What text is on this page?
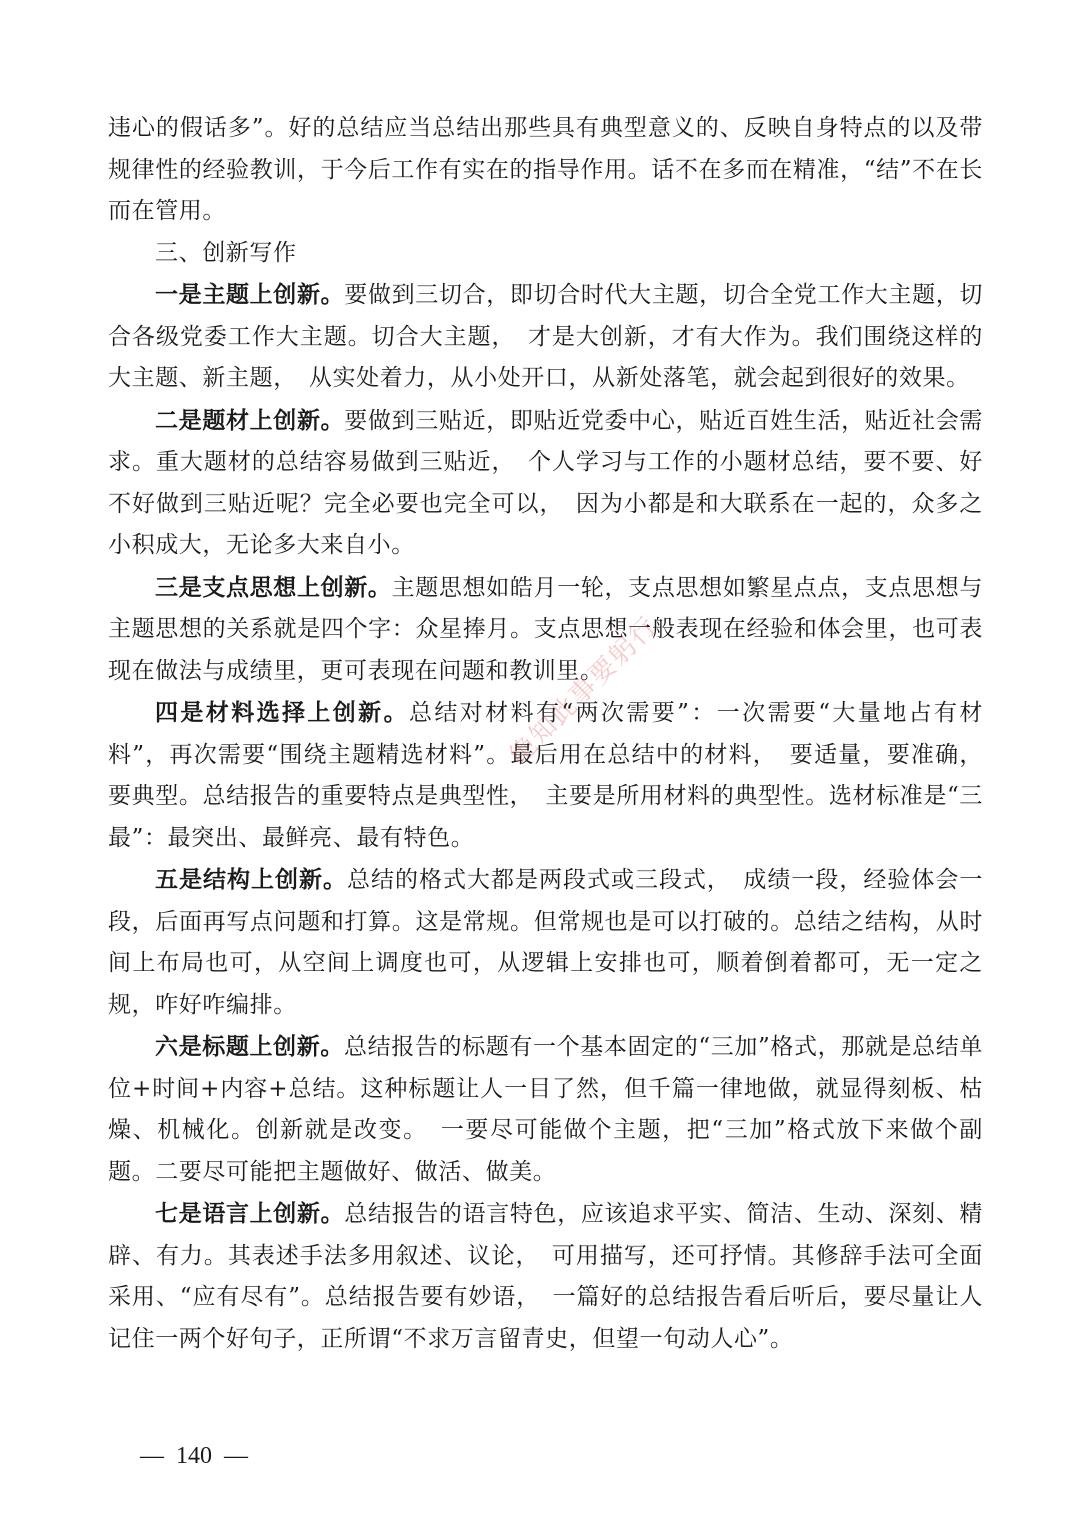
违心的假话多”。好的总结应当总结出那些具有典型意义的、反映自身特点的以及带规律性的经验教训，于今后工作有实在的指导作用。话不在多而在精准，“结”不在长而在管用。

三、创新写作

一是主题上创新。要做到三切合，即切合时代大主题，切合全党工作大主题，切合各级党委工作大主题。切合大主题，　才是大创新，才有大作为。我们围绕这样的大主题、新主题，　从实处着力，从小处开口，从新处落笔，就会起到很好的效果。

二是题材上创新。要做到三贴近，即贴近党委中心，贴近百姓生活，贴近社会需求。重大题材的总结容易做到三贴近，　个人学习与工作的小题材总结，要不要、好不好做到三贴近呢？完全必要也完全可以，　因为小都是和大联系在一起的，众多之小积成大，无论多大来自小。

三是支点思想上创新。主题思想如皓月一轮，支点思想如繁星点点，支点思想与主题思想的关系就是四个字：众星捧月。支点思想一般表现在经验和体会里，也可表现在做法与成绩里，更可表现在问题和教训里。

四是材料选择上创新。总结对材料有“两次需要”：一次需要“大量地占有材料”，再次需要“围绕主题精选材料”。最后用在总结中的材料，　要适量，要准确，要典型。总结报告的重要特点是典型性，　主要是所用材料的典型性。选材标准是“三最”：最突出、最鲜亮、最有特色。

五是结构上创新。总结的格式大都是两段式或三段式，　成绩一段，经验体会一段，后面再写点问题和打算。这是常规。但常规也是可以打破的。总结之结构，从时间上布局也可，从空间上调度也可，从逻辑上安排也可，顺着倒着都可，无一定之规，咋好咋编排。

六是标题上创新。总结报告的标题有一个基本固定的“三加”格式，那就是总结单位+时间+内容+总结。这种标题让人一目了然，但千篇一律地做，就显得刻板、枯燥、机械化。创新就是改变。　一要尽可能做个主题，把“三加”格式放下来做个副题。二要尽可能把主题做好、做活、做美。

七是语言上创新。总结报告的语言特色，应该追求平实、简洁、生动、深刻、精辟、有力。其表述手法多用叙述、议论，　可用描写，还可抒情。其修辞手法可全面采用、“应有尽有”。总结报告要有妙语，　一篇好的总结报告看后听后，要尽量让人记住一两个好句子，正所谓“不求万言留青史，但望一句动人心”。

绝知此事要躬行
— 140 —
